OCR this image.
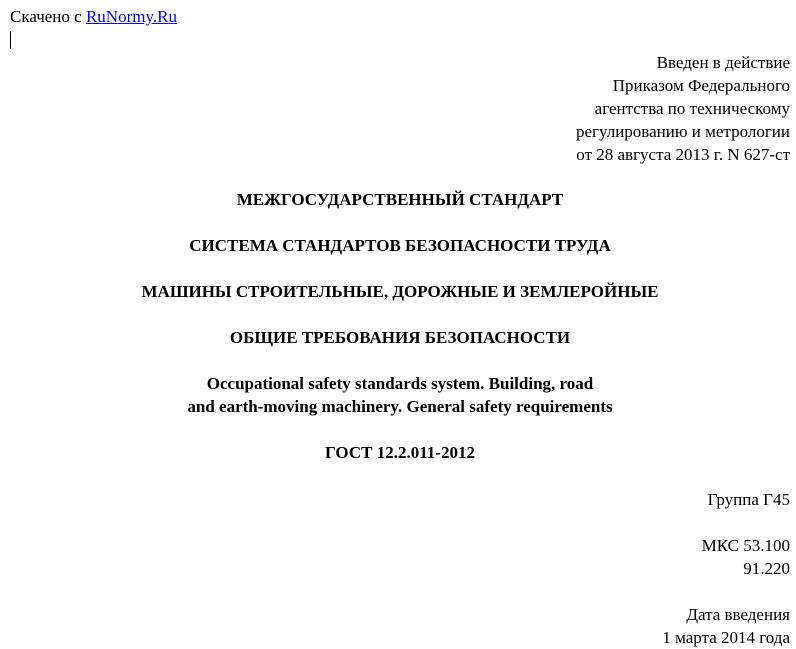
Скачено с RuNormy.Ru

Введен в действие
Приказом Федерального
агентства по техническому
регулированию и метрологии
от 28 августа 2013 г. N 627-ст

МЕЖГОСУДАРСТВЕННЫЙ СТАНДАРТ

СИСТЕМА СТАНДАРТОВ БЕЗОПАСНОСТИ ТРУДА

МАШИНЫ СТРОИТЕЛЬНЫЕ, ДОРОЖНЫЕ И ЗЕМЛЕРОЙНЫЕ

ОБЩИЕ ТРЕБОВАНИЯ БЕЗОПАСНОСТИ

Occupational safety standards system. Building, road
and earth-moving machinery. General safety requirements

ГОСТ 12.2.011-2012

Группа Г45
МКС 53.100
91.220
Дата введения
1 марта 2014 года
